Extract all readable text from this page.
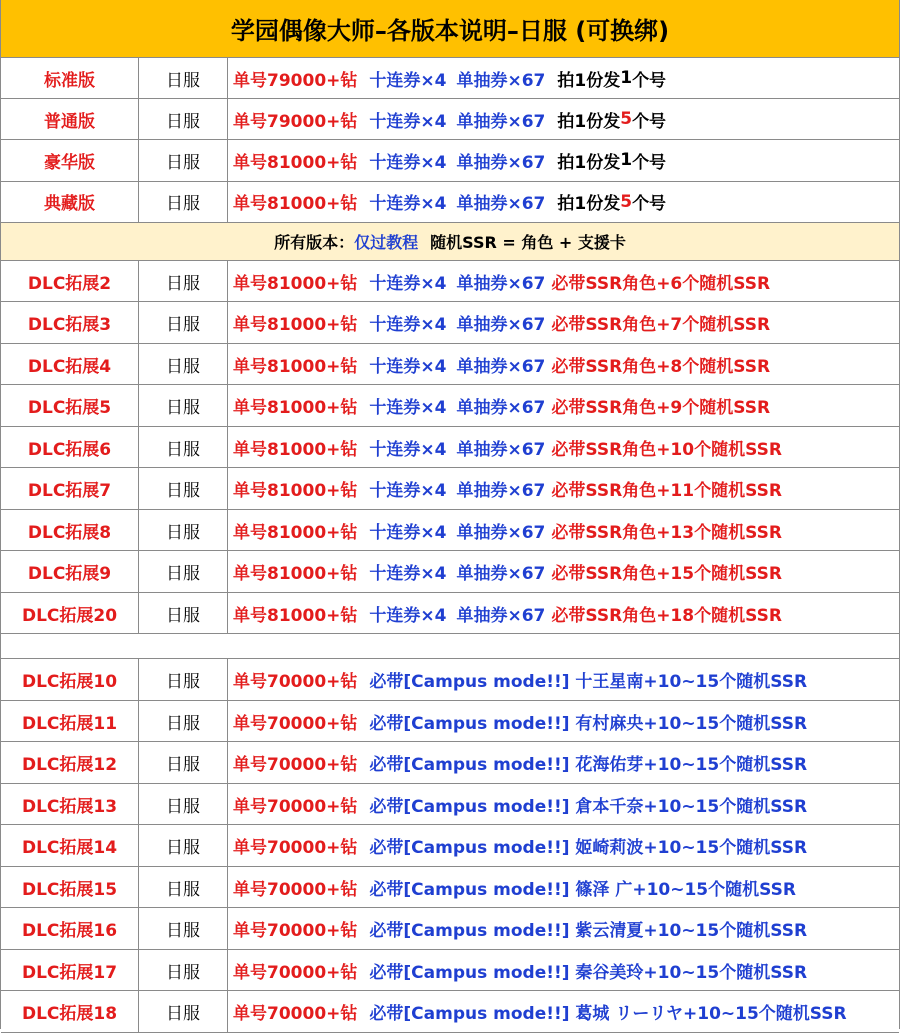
学园偶像大师–各版本说明–日服 (可换绑)
标准版	日服	单号79000+钻 十连券×4 单抽券×67 拍1份发 1 个号
普通版	日服	单号79000+钻 十连券×4 单抽券×67 拍1份发 5 个号
豪华版	日服	单号81000+钻 十连券×4 单抽券×67 拍1份发 1 个号
典藏版	日服	单号81000+钻 十连券×4 单抽券×67 拍1份发 5 个号
所有版本： 仅过教程 随机SSR = 角色 + 支援卡
DLC拓展2	日服	单号81000+钻 十连券×4 单抽券×67 必带SSR角色+6个随机SSR
DLC拓展3	日服	单号81000+钻 十连券×4 单抽券×67 必带SSR角色+7个随机SSR
DLC拓展4	日服	单号81000+钻 十连券×4 单抽券×67 必带SSR角色+8个随机SSR
DLC拓展5	日服	单号81000+钻 十连券×4 单抽券×67 必带SSR角色+9个随机SSR
DLC拓展6	日服	单号81000+钻 十连券×4 单抽券×67 必带SSR角色+10个随机SSR
DLC拓展7	日服	单号81000+钻 十连券×4 单抽券×67 必带SSR角色+11个随机SSR
DLC拓展8	日服	单号81000+钻 十连券×4 单抽券×67 必带SSR角色+13个随机SSR
DLC拓展9	日服	单号81000+钻 十连券×4 单抽券×67 必带SSR角色+15个随机SSR
DLC拓展20	日服	单号81000+钻 十连券×4 单抽券×67 必带SSR角色+18个随机SSR
DLC拓展10	日服	单号70000+钻 必带[Campus mode!!] 十王星南+10~15个随机SSR
DLC拓展11	日服	单号70000+钻 必带[Campus mode!!] 有村麻央+10~15个随机SSR
DLC拓展12	日服	单号70000+钻 必带[Campus mode!!] 花海佑芽+10~15个随机SSR
DLC拓展13	日服	单号70000+钻 必带[Campus mode!!] 倉本千奈+10~15个随机SSR
DLC拓展14	日服	单号70000+钻 必带[Campus mode!!] 姬崎莉波+10~15个随机SSR
DLC拓展15	日服	单号70000+钻 必带[Campus mode!!] 篠泽 广+10~15个随机SSR
DLC拓展16	日服	单号70000+钻 必带[Campus mode!!] 紫云清夏+10~15个随机SSR
DLC拓展17	日服	单号70000+钻 必带[Campus mode!!] 秦谷美玲+10~15个随机SSR
DLC拓展18	日服	单号70000+钻 必带[Campus mode!!] 葛城 リーリヤ+10~15个随机SSR
